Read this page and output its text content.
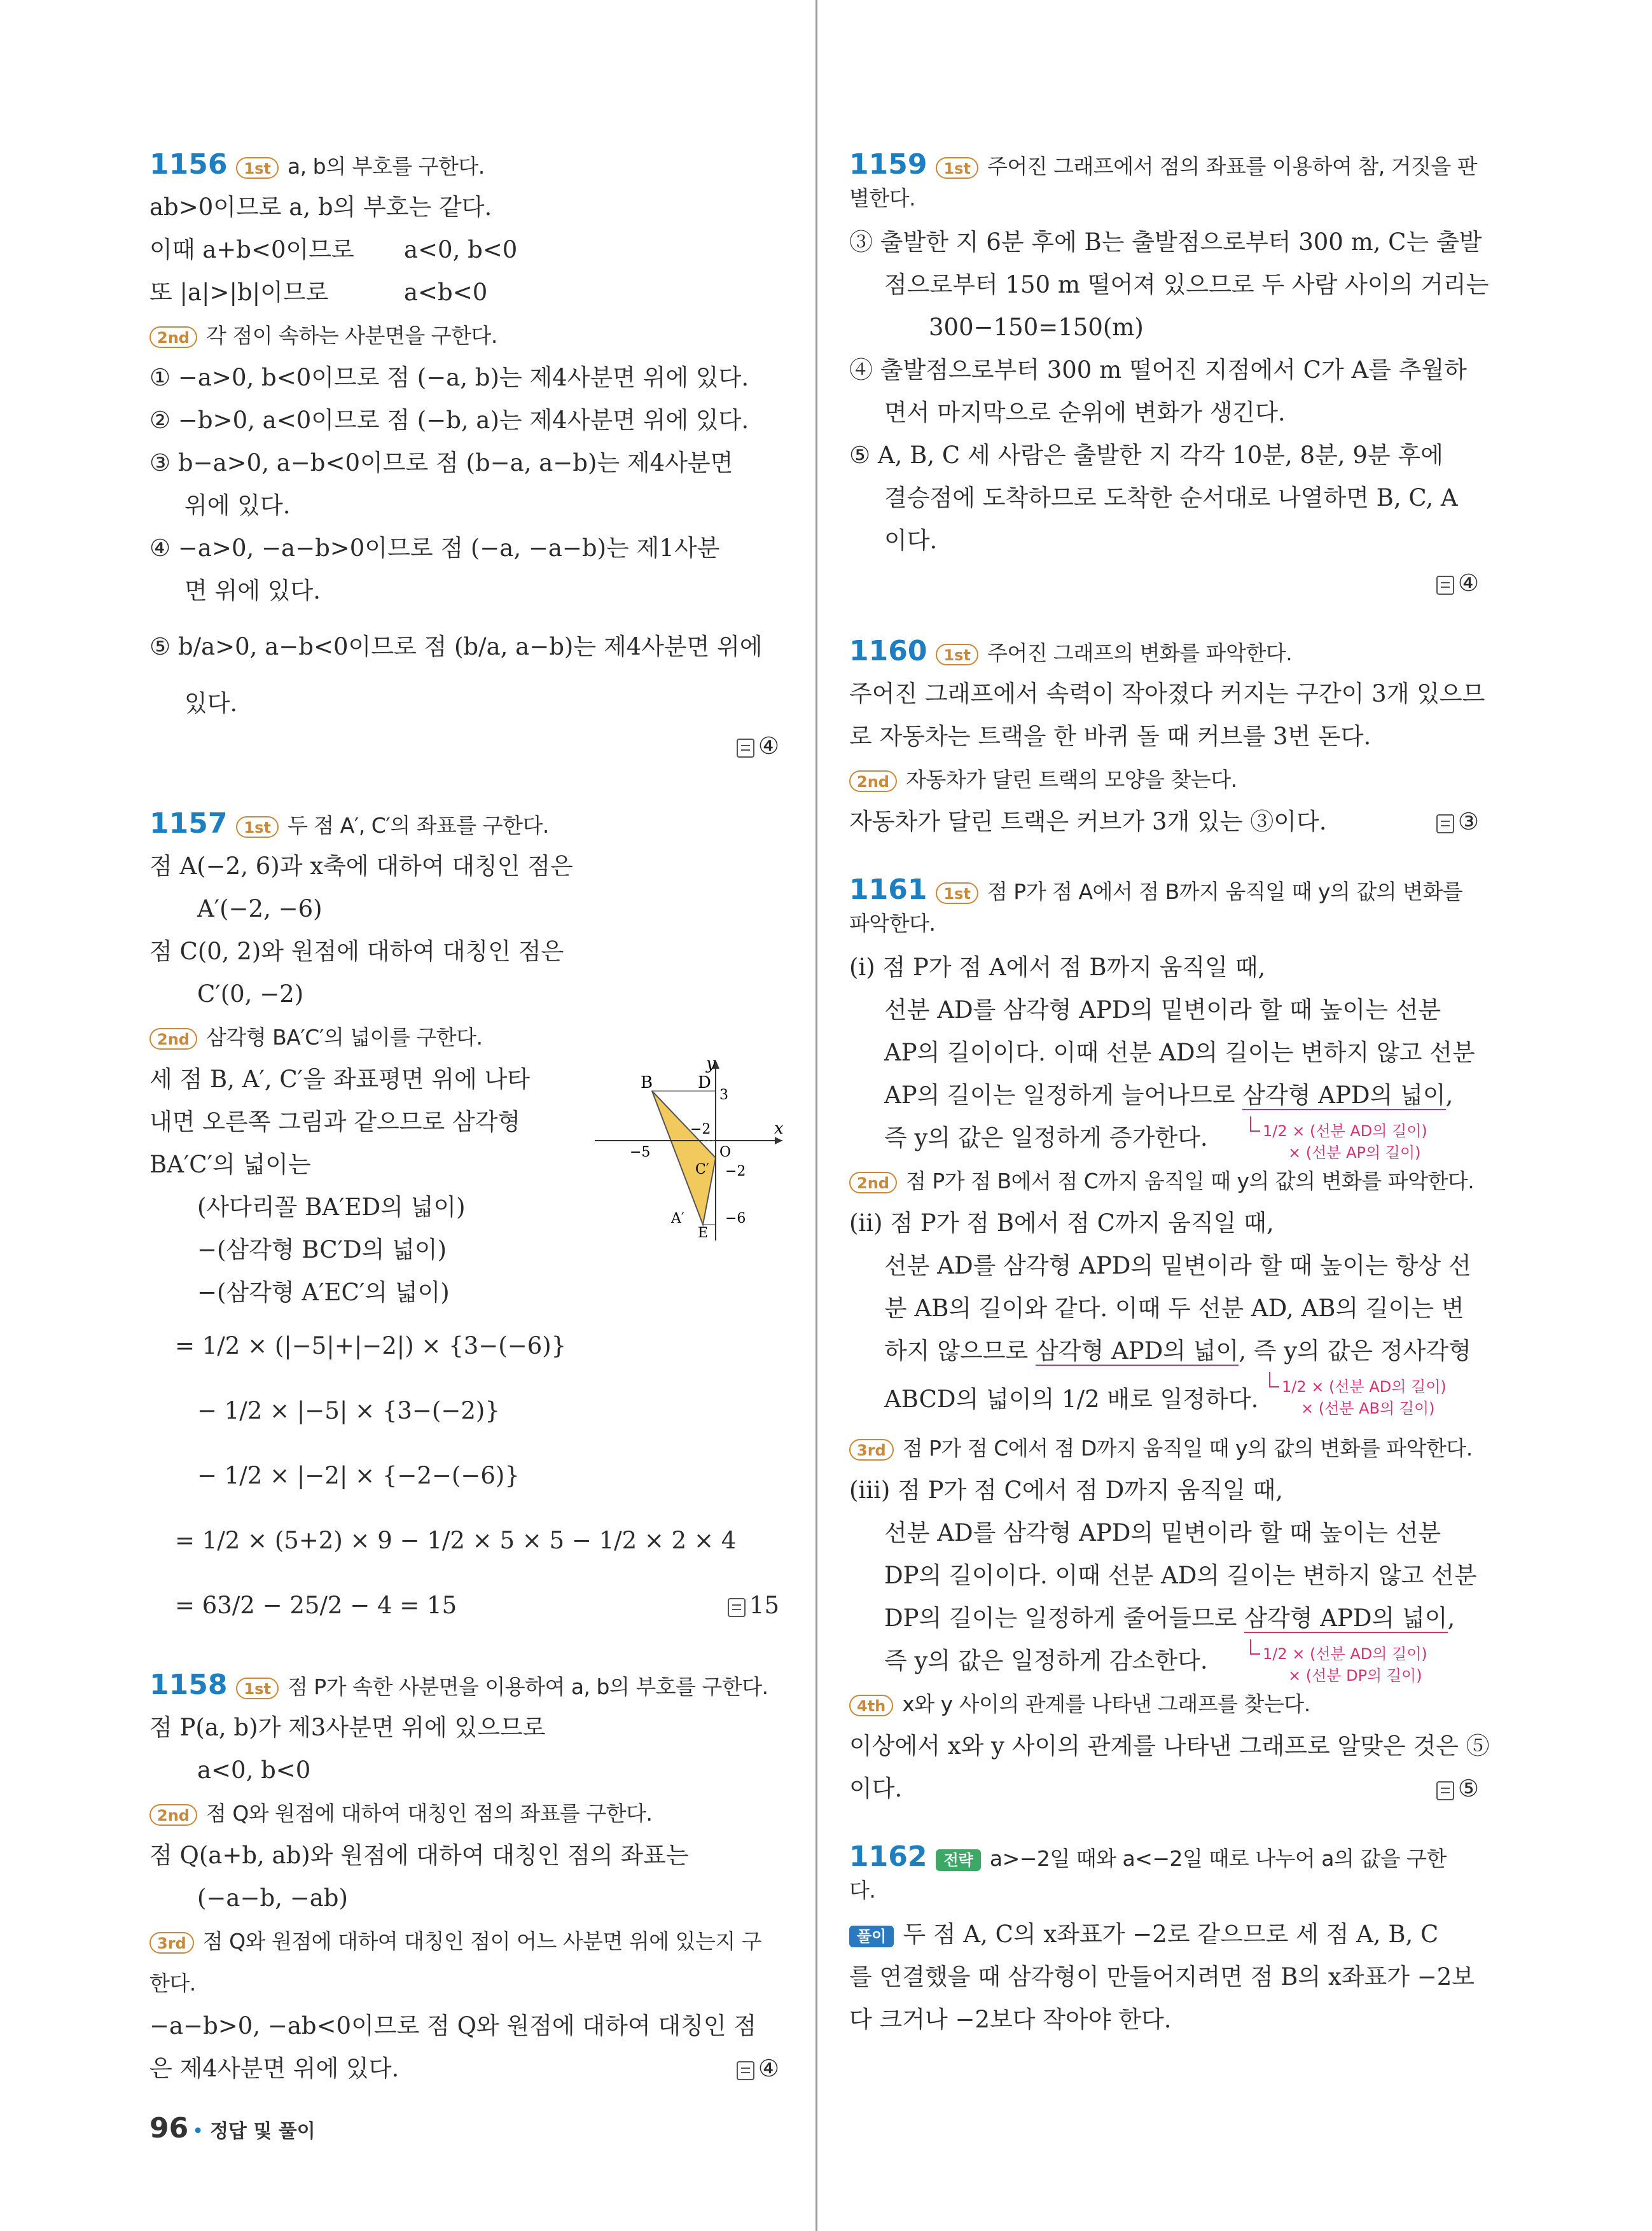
1156 1st a, b의 부호를 구한다.
ab>0이므로 a, b의 부호는 같다.
이때 a+b<0이므로 a<0, b<0
또 |a|>|b|이므로	a<b<0
2nd 각 점이 속하는 사분면을 구한다.
① −a>0, b<0이므로 점 (−a, b)는 제4사분면 위에 있다.
② −b>0, a<0이므로 점 (−b, a)는 제4사분면 위에 있다.
③ b−a>0, a−b<0이므로 점 (b−a, a−b)는 제4사분면
위에 있다.
④ −a>0, −a−b>0이므로 점 (−a, −a−b)는 제1사분
면 위에 있다.
⑤ b/a>0, a−b<0이므로 점 (b/a, a−b)는 제4사분면 위에
있다.
④
1157 1st 두 점 A′, C′의 좌표를 구한다.
점 A(−2, 6)과 x축에 대하여 대칭인 점은
A′(−2, −6)
점 C(0, 2)와 원점에 대하여 대칭인 점은
C′(0, −2)
2nd 삼각형 BA′C′의 넓이를 구한다.
세 점 B, A′, C′을 좌표평면 위에 나타
내면 오른쪽 그림과 같으므로 삼각형
BA′C′의 넓이는
(사다리꼴 BA′ED의 넓이)
−(삼각형 BC′D의 넓이)
−(삼각형 A′EC′의 넓이)
= 1/2 × (|−5|+|−2|) × {3−(−6)}
− 1/2 × |−5| × {3−(−2)}
− 1/2 × |−2| × {−2−(−6)}
= 1/2 × (5+2) × 9 − 1/2 × 5 × 5 − 1/2 × 2 × 4
= 63/2 − 25/2 − 4 = 15	15
1158 1st 점 P가 속한 사분면을 이용하여 a, b의 부호를 구한다.
점 P(a, b)가 제3사분면 위에 있으므로
a<0, b<0
2nd 점 Q와 원점에 대하여 대칭인 점의 좌표를 구한다.
점 Q(a+b, ab)와 원점에 대하여 대칭인 점의 좌표는
(−a−b, −ab)
3rd 점 Q와 원점에 대하여 대칭인 점이 어느 사분면 위에 있는지 구
한다.
−a−b>0, −ab<0이므로 점 Q와 원점에 대하여 대칭인 점
은 제4사분면 위에 있다.	④
B	D
y
x
O
C′
A′
E
3
−2
−5
−2
−6
1159 1st 주어진 그래프에서 점의 좌표를 이용하여 참, 거짓을 판
별한다.
③ 출발한 지 6분 후에 B는 출발점으로부터 300 m, C는 출발
점으로부터 150 m 떨어져 있으므로 두 사람 사이의 거리는
300−150=150(m)
④ 출발점으로부터 300 m 떨어진 지점에서 C가 A를 추월하
면서 마지막으로 순위에 변화가 생긴다.
⑤ A, B, C 세 사람은 출발한 지 각각 10분, 8분, 9분 후에
결승점에 도착하므로 도착한 순서대로 나열하면 B, C, A
이다.
④
1160 1st 주어진 그래프의 변화를 파악한다.
주어진 그래프에서 속력이 작아졌다 커지는 구간이 3개 있으므
로 자동차는 트랙을 한 바퀴 돌 때 커브를 3번 돈다.
2nd 자동차가 달린 트랙의 모양을 찾는다.
자동차가 달린 트랙은 커브가 3개 있는 ③이다.	③
1161 1st 점 P가 점 A에서 점 B까지 움직일 때 y의 값의 변화를
파악한다.
(i) 점 P가 점 A에서 점 B까지 움직일 때,
선분 AD를 삼각형 APD의 밑변이라 할 때 높이는 선분
AP의 길이이다. 이때 선분 AD의 길이는 변하지 않고 선분
AP의 길이는 일정하게 늘어나므로 삼각형 APD의 넓이,
즉 y의 값은 일정하게 증가한다.	1/2 × (선분 AD의 길이)
× (선분 AP의 길이)
2nd 점 P가 점 B에서 점 C까지 움직일 때 y의 값의 변화를 파악한다.
(ii) 점 P가 점 B에서 점 C까지 움직일 때,
선분 AD를 삼각형 APD의 밑변이라 할 때 높이는 항상 선
분 AB의 길이와 같다. 이때 두 선분 AD, AB의 길이는 변
하지 않으므로 삼각형 APD의 넓이, 즉 y의 값은 정사각형
ABCD의 넓이의 1/2 배로 일정하다. 1/2 × (선분 AD의 길이)
× (선분 AB의 길이)
3rd 점 P가 점 C에서 점 D까지 움직일 때 y의 값의 변화를 파악한다.
(iii) 점 P가 점 C에서 점 D까지 움직일 때,
선분 AD를 삼각형 APD의 밑변이라 할 때 높이는 선분
DP의 길이이다. 이때 선분 AD의 길이는 변하지 않고 선분
DP의 길이는 일정하게 줄어들므로 삼각형 APD의 넓이,
즉 y의 값은 일정하게 감소한다.	1/2 × (선분 AD의 길이)
× (선분 DP의 길이)
4th x와 y 사이의 관계를 나타낸 그래프를 찾는다.
이상에서 x와 y 사이의 관계를 나타낸 그래프로 알맞은 것은 ⑤
이다.	⑤
1162 전략 a>−2일 때와 a<−2일 때로 나누어 a의 값을 구한
다.
풀이 두 점 A, C의 x좌표가 −2로 같으므로 세 점 A, B, C
를 연결했을 때 삼각형이 만들어지려면 점 B의 x좌표가 −2보
다 크거나 −2보다 작아야 한다.
96 • 정답 및 풀이
